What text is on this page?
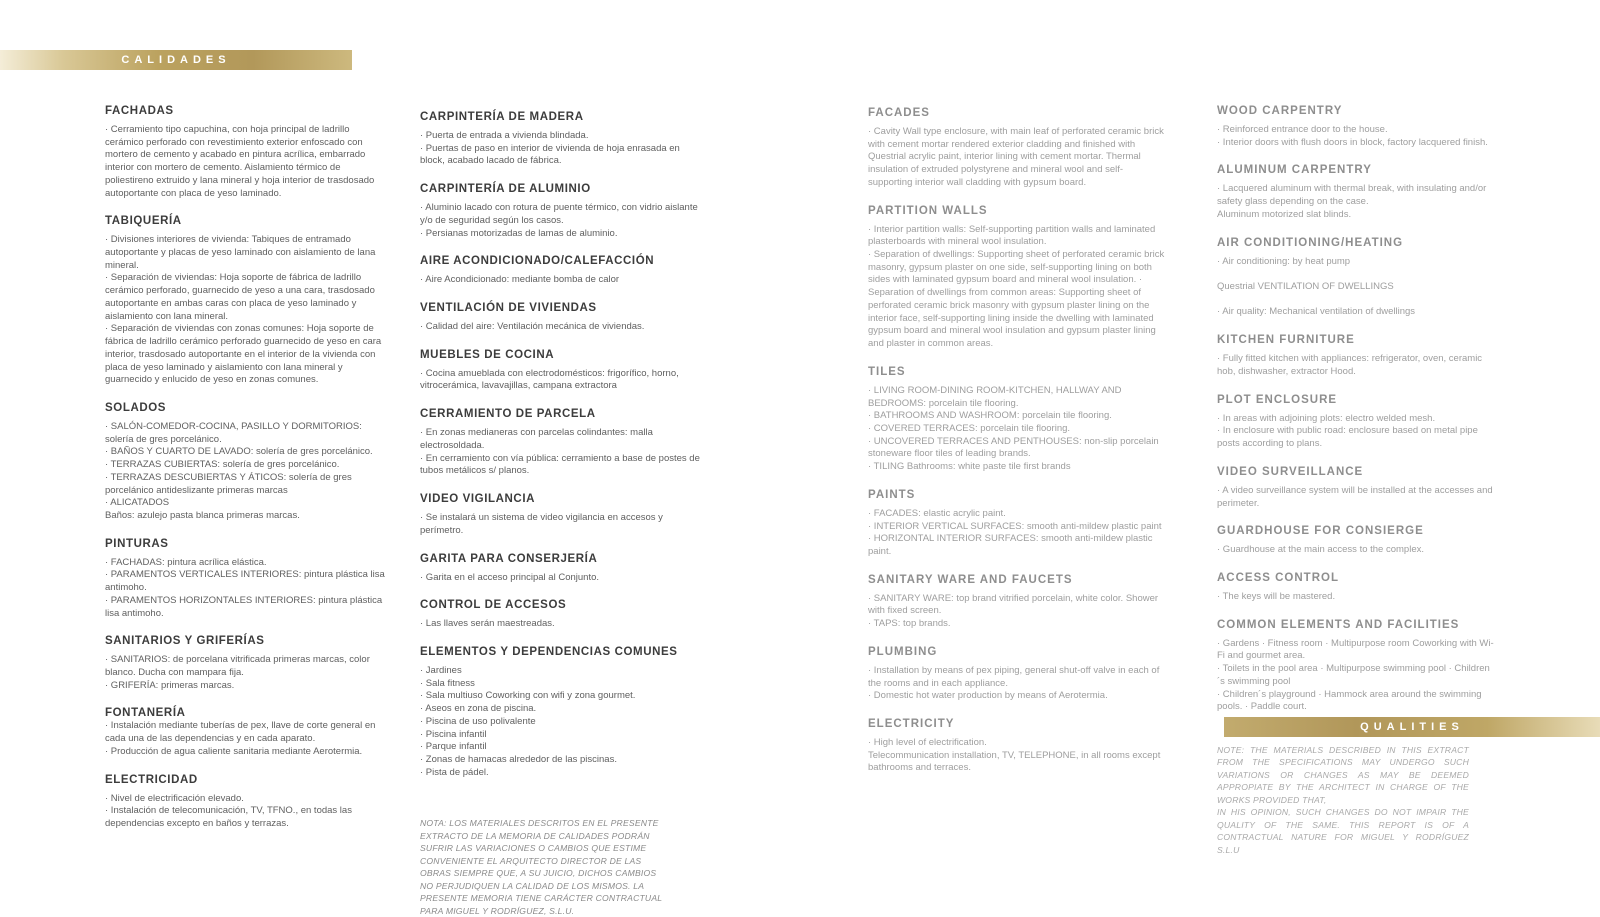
CALIDADES
FACHADAS
· Cerramiento tipo capuchina, con hoja principal de ladrillo cerámico perforado con revestimiento exterior enfoscado con mortero de cemento y acabado en pintura acrílica, embarrado interior con mortero de cemento. Aislamiento térmico de poliestireno extruido y lana mineral y hoja interior de trasdosado autoportante con placa de yeso laminado.
TABIQUERÍA
· Divisiones interiores de vivienda: Tabiques de entramado autoportante y placas de yeso laminado con aislamiento de lana mineral.
· Separación de viviendas: Hoja soporte de fábrica de ladrillo cerámico perforado, guarnecido de yeso a una cara, trasdosado autoportante en ambas caras con placa de yeso laminado y aislamiento con lana mineral.
· Separación de viviendas con zonas comunes: Hoja soporte de fábrica de ladrillo cerámico perforado guarnecido de yeso en cara interior, trasdosado autoportante en el interior de la vivienda con placa de yeso laminado y aislamiento con lana mineral y guarnecido y enlucido de yeso en zonas comunes.
SOLADOS
· SALÓN-COMEDOR-COCINA, PASILLO Y DORMITORIOS: solería de gres porcelánico.
· BAÑOS Y CUARTO DE LAVADO: solería de gres porcelánico.
· TERRAZAS CUBIERTAS: solería de gres porcelánico.
· TERRAZAS DESCUBIERTAS Y ÁTICOS: solería de gres porcelánico antideslizante primeras marcas
· ALICATADOS
Baños: azulejo pasta blanca primeras marcas.
PINTURAS
· FACHADAS: pintura acrílica elástica.
· PARAMENTOS VERTICALES INTERIORES: pintura plástica lisa antimoho.
· PARAMENTOS HORIZONTALES INTERIORES: pintura plástica lisa antimoho.
SANITARIOS Y GRIFERÍAS
· SANITARIOS: de porcelana vitrificada primeras marcas, color blanco. Ducha con mampara fija.
· GRIFERÍA: primeras marcas.
FONTANERÍA
· Instalación mediante tuberías de pex, llave de corte general en cada una de las dependencias y en cada aparato.
· Producción de agua caliente sanitaria mediante Aerotermia.
ELECTRICIDAD
· Nivel de electrificación elevado.
· Instalación de telecomunicación, TV, TFNO., en todas las dependencias excepto en baños y terrazas.
CARPINTERÍA DE MADERA
· Puerta de entrada a vivienda blindada.
· Puertas de paso en interior de vivienda de hoja enrasada en block, acabado lacado de fábrica.
CARPINTERÍA DE ALUMINIO
· Aluminio lacado con rotura de puente térmico, con vidrio aislante y/o de seguridad según los casos.
· Persianas motorizadas de lamas de aluminio.
AIRE ACONDICIONADO/CALEFACCIÓN
· Aire Acondicionado: mediante bomba de calor
VENTILACIÓN DE VIVIENDAS
· Calidad del aire: Ventilación mecánica de viviendas.
MUEBLES DE COCINA
· Cocina amueblada con electrodomésticos: frigorífico, horno, vitrocerámica, lavavajillas, campana extractora
CERRAMIENTO DE PARCELA
· En zonas medianeras con parcelas colindantes: malla electrosoldada.
· En cerramiento con vía pública: cerramiento a base de postes de tubos metálicos s/ planos.
VIDEO VIGILANCIA
· Se instalará un sistema de video vigilancia en accesos y perímetro.
GARITA PARA CONSERJERÍA
· Garita en el acceso principal al Conjunto.
CONTROL DE ACCESOS
· Las llaves serán maestreadas.
ELEMENTOS Y DEPENDENCIAS COMUNES
· Jardines
· Sala fitness
· Sala multiuso Coworking con wifi y zona gourmet.
· Aseos en zona de piscina.
· Piscina de uso polivalente
· Piscina infantil
· Parque infantil
· Zonas de hamacas alrededor de las piscinas.
· Pista de pádel.

NOTA: LOS MATERIALES DESCRITOS EN EL PRESENTE EXTRACTO DE LA MEMORIA DE CALIDADES PODRÁN SUFRIR LAS VARIACIONES O CAMBIOS QUE ESTIME CONVENIENTE EL ARQUITECTO DIRECTOR DE LAS OBRAS SIEMPRE QUE, A SU JUICIO, DICHOS CAMBIOS NO PERJUDIQUEN LA CALIDAD DE LOS MISMOS. LA PRESENTE MEMORIA TIENE CARÁCTER CONTRACTUAL PARA MIGUEL Y RODRÍGUEZ, S.L.U.

FACADES
· Cavity Wall type enclosure, with main leaf of perforated ceramic brick with cement mortar rendered exterior cladding and finished with Questrial acrylic paint, interior lining with cement mortar. Thermal insulation of extruded polystyrene and mineral wool and self-supporting interior wall cladding with gypsum board.
PARTITION WALLS
· Interior partition walls: Self-supporting partition walls and laminated plasterboards with mineral wool insulation.
· Separation of dwellings: Supporting sheet of perforated ceramic brick masonry, gypsum plaster on one side, self-supporting lining on both sides with laminated gypsum board and mineral wool insulation. · Separation of dwellings from common areas: Supporting sheet of perforated ceramic brick masonry with gypsum plaster lining on the interior face, self-supporting lining inside the dwelling with laminated gypsum board and mineral wool insulation and gypsum plaster lining and plaster in common areas.
TILES
· LIVING ROOM-DINING ROOM-KITCHEN, HALLWAY AND BEDROOMS: porcelain tile flooring.
· BATHROOMS AND WASHROOM: porcelain tile flooring.
· COVERED TERRACES: porcelain tile flooring.
· UNCOVERED TERRACES AND PENTHOUSES: non-slip porcelain stoneware floor tiles of leading brands.
· TILING Bathrooms: white paste tile first brands
PAINTS
· FACADES: elastic acrylic paint.
· INTERIOR VERTICAL SURFACES: smooth anti-mildew plastic paint
· HORIZONTAL INTERIOR SURFACES: smooth anti-mildew plastic paint.
SANITARY WARE AND FAUCETS
· SANITARY WARE: top brand vitrified porcelain, white color. Shower with fixed screen.
· TAPS: top brands.
PLUMBING
· Installation by means of pex piping, general shut-off valve in each of the rooms and in each appliance.
· Domestic hot water production by means of Aerotermia.
ELECTRICITY
· High level of electrification.
Telecommunication installation, TV, TELEPHONE, in all rooms except bathrooms and terraces.
WOOD CARPENTRY
· Reinforced entrance door to the house.
· Interior doors with flush doors in block, factory lacquered finish.
ALUMINUM CARPENTRY
· Lacquered aluminum with thermal break, with insulating and/or safety glass depending on the case.
Aluminum motorized slat blinds.
AIR CONDITIONING/HEATING
· Air conditioning: by heat pump

Questrial VENTILATION OF DWELLINGS

· Air quality: Mechanical ventilation of dwellings
KITCHEN FURNITURE
· Fully fitted kitchen with appliances: refrigerator, oven, ceramic hob, dishwasher, extractor Hood.
PLOT ENCLOSURE
· In areas with adjoining plots: electro welded mesh.
· In enclosure with public road: enclosure based on metal pipe posts according to plans.
VIDEO SURVEILLANCE
· A video surveillance system will be installed at the accesses and perimeter.
GUARDHOUSE FOR CONSIERGE
· Guardhouse at the main access to the complex.
ACCESS CONTROL
· The keys will be mastered.
COMMON ELEMENTS AND FACILITIES
· Gardens · Fitness room · Multipurpose room Coworking with Wi-Fi and gourmet area.
· Toilets in the pool area · Multipurpose swimming pool · Children´s swimming pool
· Children´s playground · Hammock area around the swimming pools. · Paddle court.

NOTE: THE MATERIALS DESCRIBED IN THIS EXTRACT FROM THE SPECIFICATIONS MAY UNDERGO SUCH VARIATIONS OR CHANGES AS MAY BE DEEMED APPROPIATE BY THE ARCHITECT IN CHARGE OF THE WORKS PROVIDED THAT,

IN HIS OPINION, SUCH CHANGES DO NOT IMPAIR THE QUALITY OF THE SAME. THIS REPORT IS OF A CONTRACTUAL NATURE FOR MIGUEL Y RODRÍGUEZ S.L.U

QUALITIES
